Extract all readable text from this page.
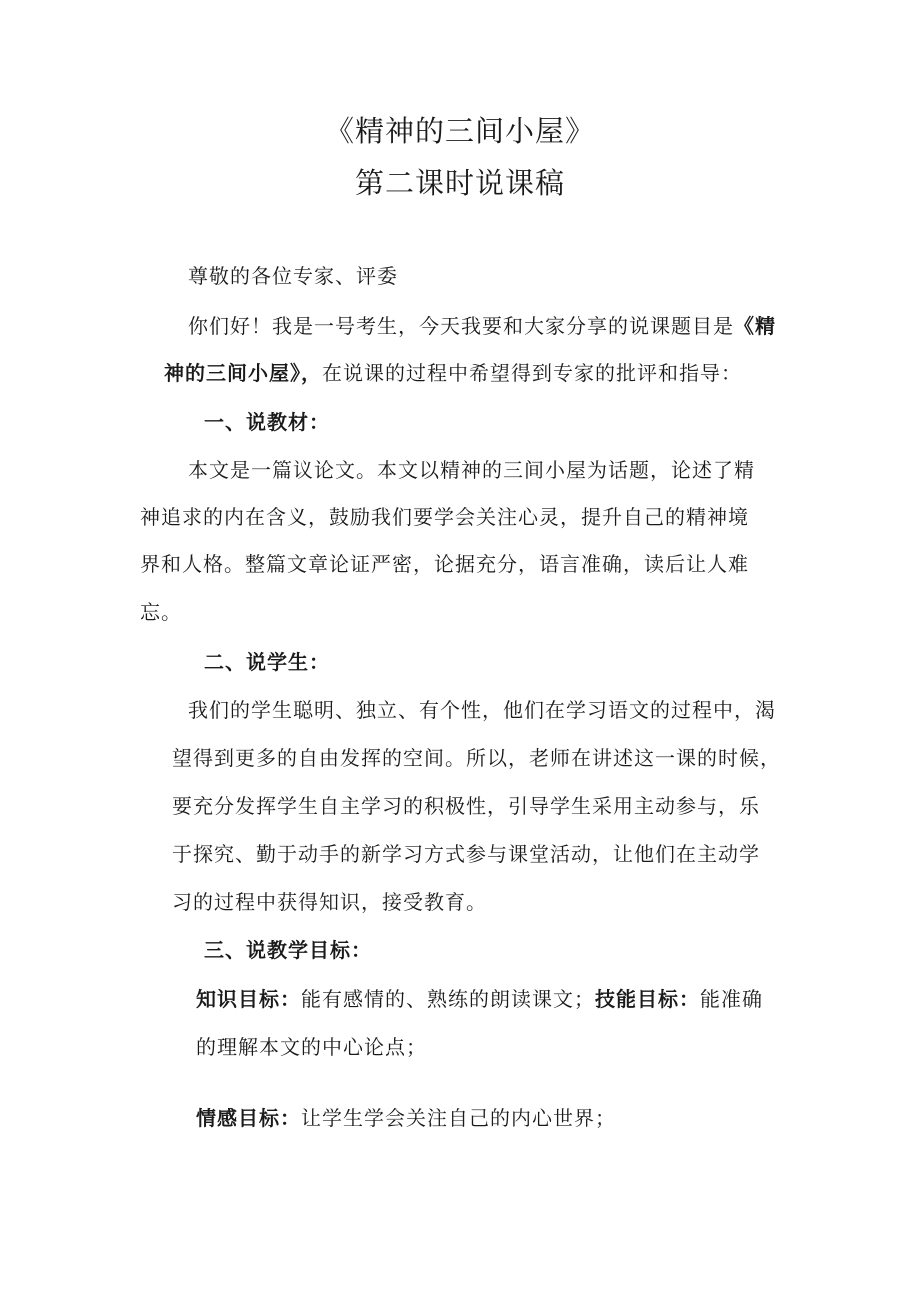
《精神的三间小屋》
第二课时说课稿
尊敬的各位专家、评委
你们好！我是一号考生，今天我要和大家分享的说课题目是《精
神的三间小屋》，在说课的过程中希望得到专家的批评和指导：
一、说教材：
本文是一篇议论文。本文以精神的三间小屋为话题，论述了精
神追求的内在含义，鼓励我们要学会关注心灵，提升自己的精神境
界和人格。整篇文章论证严密，论据充分，语言准确，读后让人难
忘。
二、说学生：
我们的学生聪明、独立、有个性，他们在学习语文的过程中，渴
望得到更多的自由发挥的空间。所以，老师在讲述这一课的时候，
要充分发挥学生自主学习的积极性，引导学生采用主动参与，乐
于探究、勤于动手的新学习方式参与课堂活动，让他们在主动学
习的过程中获得知识，接受教育。
三、说教学目标：
知识目标：能有感情的、熟练的朗读课文；技能目标：能准确
的理解本文的中心论点；
情感目标：让学生学会关注自己的内心世界；
